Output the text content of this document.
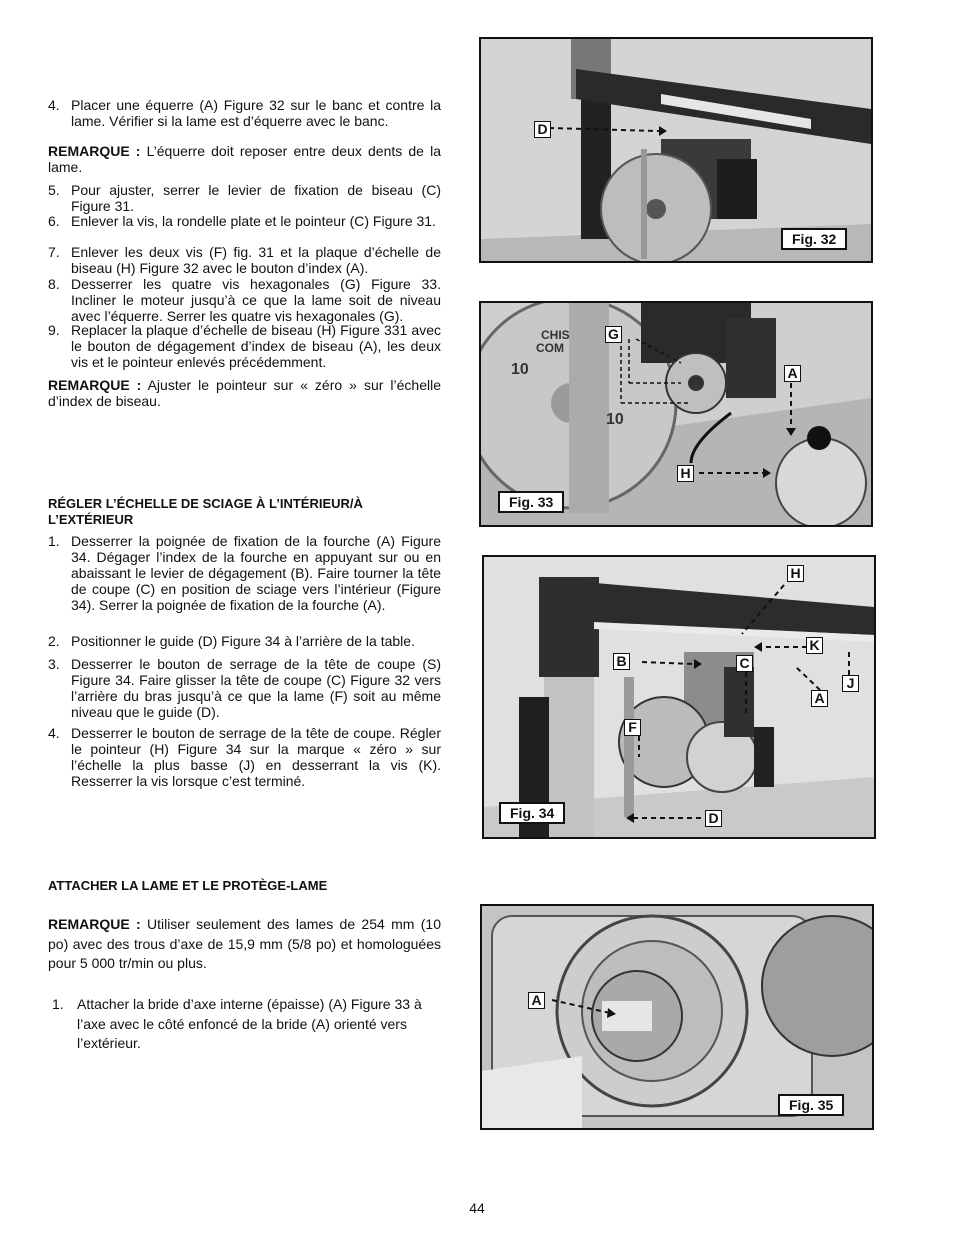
4. Placer une équerre (A) Figure 32 sur le banc et contre la lame. Vérifier si la lame est d’équerre avec le banc.
REMARQUE : L’équerre doit reposer entre deux dents de la lame.
5. Pour ajuster, serrer le levier de fixation de biseau (C) Figure 31.
6. Enlever la vis, la rondelle plate et le pointeur (C) Figure 31.
7. Enlever les deux vis (F) fig. 31 et la plaque d’échelle de biseau (H) Figure 32 avec le bouton d’index (A).
8. Desserrer les quatre vis hexagonales (G) Figure 33. Incliner le moteur jusqu’à ce que la lame soit de niveau avec l’équerre. Serrer les quatre vis hexagonales (G).
9. Replacer la plaque d’échelle de biseau (H) Figure 331 avec le bouton de dégagement d’index de biseau (A), les deux vis et le pointeur enlevés précédemment.
REMARQUE : Ajuster le pointeur sur « zéro » sur l’échelle d’index de biseau.
RÉGLER L’ÉCHELLE DE SCIAGE À L’INTÉRIEUR/À L’EXTÉRIEUR
1. Desserrer la poignée de fixation de la fourche (A) Figure 34. Dégager l’index de la fourche en appuyant sur ou en abaissant le levier de dégagement (B). Faire tourner la tête de coupe (C) en position de sciage vers l’intérieur (Figure 34). Serrer la poignée de fixation de la fourche (A).
2. Positionner le guide (D) Figure 34 à l’arrière de la table.
3. Desserrer le bouton de serrage de la tête de coupe (S) Figure 34. Faire glisser la tête de coupe (C) Figure 32 vers l’arrière du bras jusqu’à ce que la lame (F) soit au même niveau que le guide (D).
4. Desserrer le bouton de serrage de la tête de coupe. Régler le pointeur (H) Figure 34 sur la marque « zéro » sur l’échelle la plus basse (J) en desserrant la vis (K). Resserrer la vis lorsque c’est terminé.
ATTACHER LA LAME ET LE PROTÈGE-LAME
REMARQUE : Utiliser seulement des lames de 254 mm (10 po) avec des trous d’axe de 15,9 mm (5/8 po) et homologuées pour 5 000 tr/min ou plus.
1. Attacher la bride d’axe interne (épaisse) (A) Figure 33 à l’axe avec le côté enfoncé de la bride (A) orienté vers l’extérieur.
D
Fig. 32
CHIS
COM
10
10
G
A
H
Fig. 33
H
K
B	C
J
A
F
D
Fig. 34
A
Fig. 35
44
